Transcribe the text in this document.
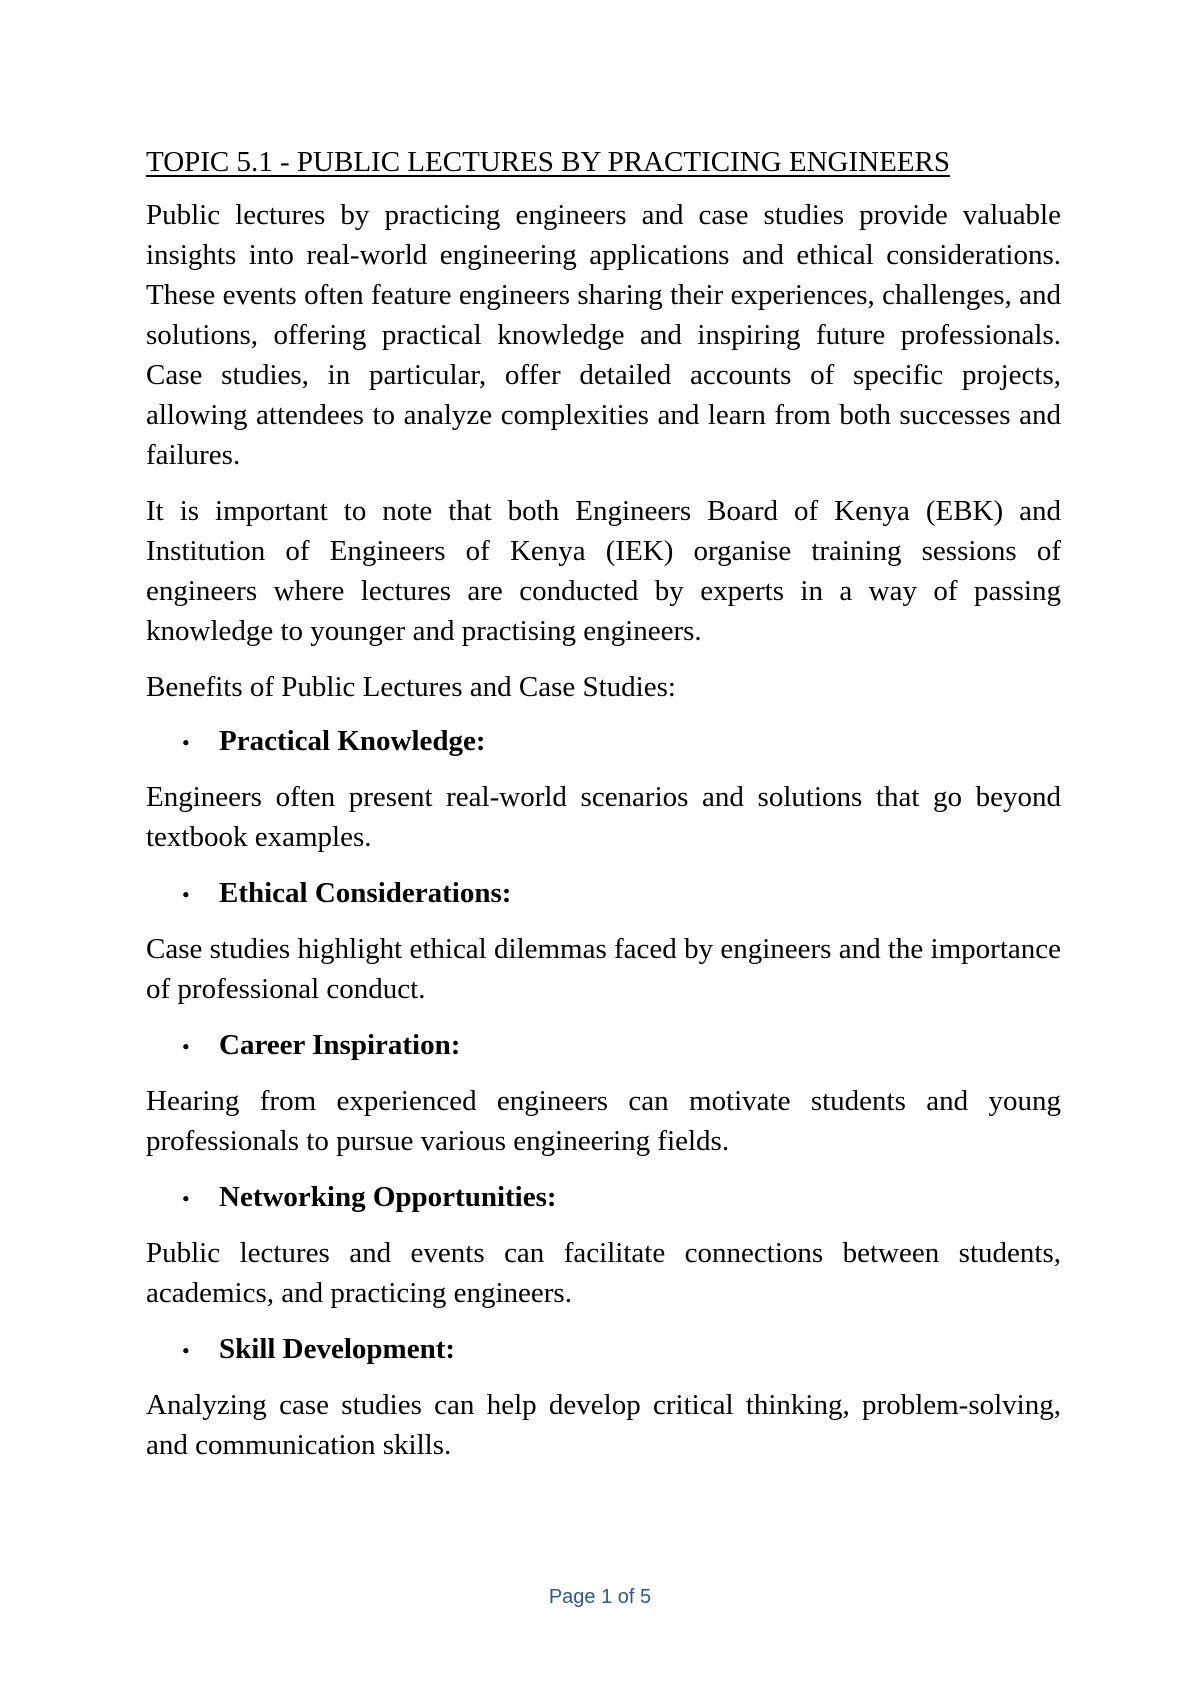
TOPIC 5.1 - PUBLIC LECTURES BY PRACTICING ENGINEERS

Public lectures by practicing engineers and case studies provide valuable insights into real-world engineering applications and ethical considerations. These events often feature engineers sharing their experiences, challenges, and solutions, offering practical knowledge and inspiring future professionals. Case studies, in particular, offer detailed accounts of specific projects, allowing attendees to analyze complexities and learn from both successes and failures.

It is important to note that both Engineers Board of Kenya (EBK) and Institution of Engineers of Kenya (IEK) organise training sessions of engineers where lectures are conducted by experts in a way of passing knowledge to younger and practising engineers.

Benefits of Public Lectures and Case Studies:

•	Practical Knowledge:

Engineers often present real-world scenarios and solutions that go beyond textbook examples.

•	Ethical Considerations:

Case studies highlight ethical dilemmas faced by engineers and the importance of professional conduct.

•	Career Inspiration:

Hearing from experienced engineers can motivate students and young professionals to pursue various engineering fields.

•	Networking Opportunities:

Public lectures and events can facilitate connections between students, academics, and practicing engineers.

•	Skill Development:

Analyzing case studies can help develop critical thinking, problem-solving, and communication skills.

Page 1 of 5
